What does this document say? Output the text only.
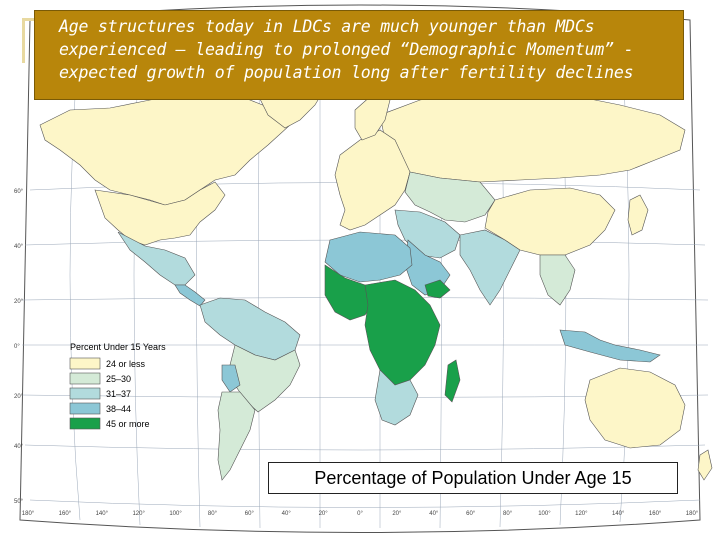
Percent Under 15 Years
24 or less
25–30
31–37
38–44
45 or more
60°
40°
20°
0°
20°
40°
50°
180°	160°	140°	120°	100°	80°	60°	40°	20°	0°	20°	40°	60°	80°	100°	120°	140°	160°	180°
Age structures today in LDCs are much younger than MDCs
experienced – leading to prolonged “Demographic Momentum” -
expected growth of population long after fertility declines
Percentage of Population Under Age 15
